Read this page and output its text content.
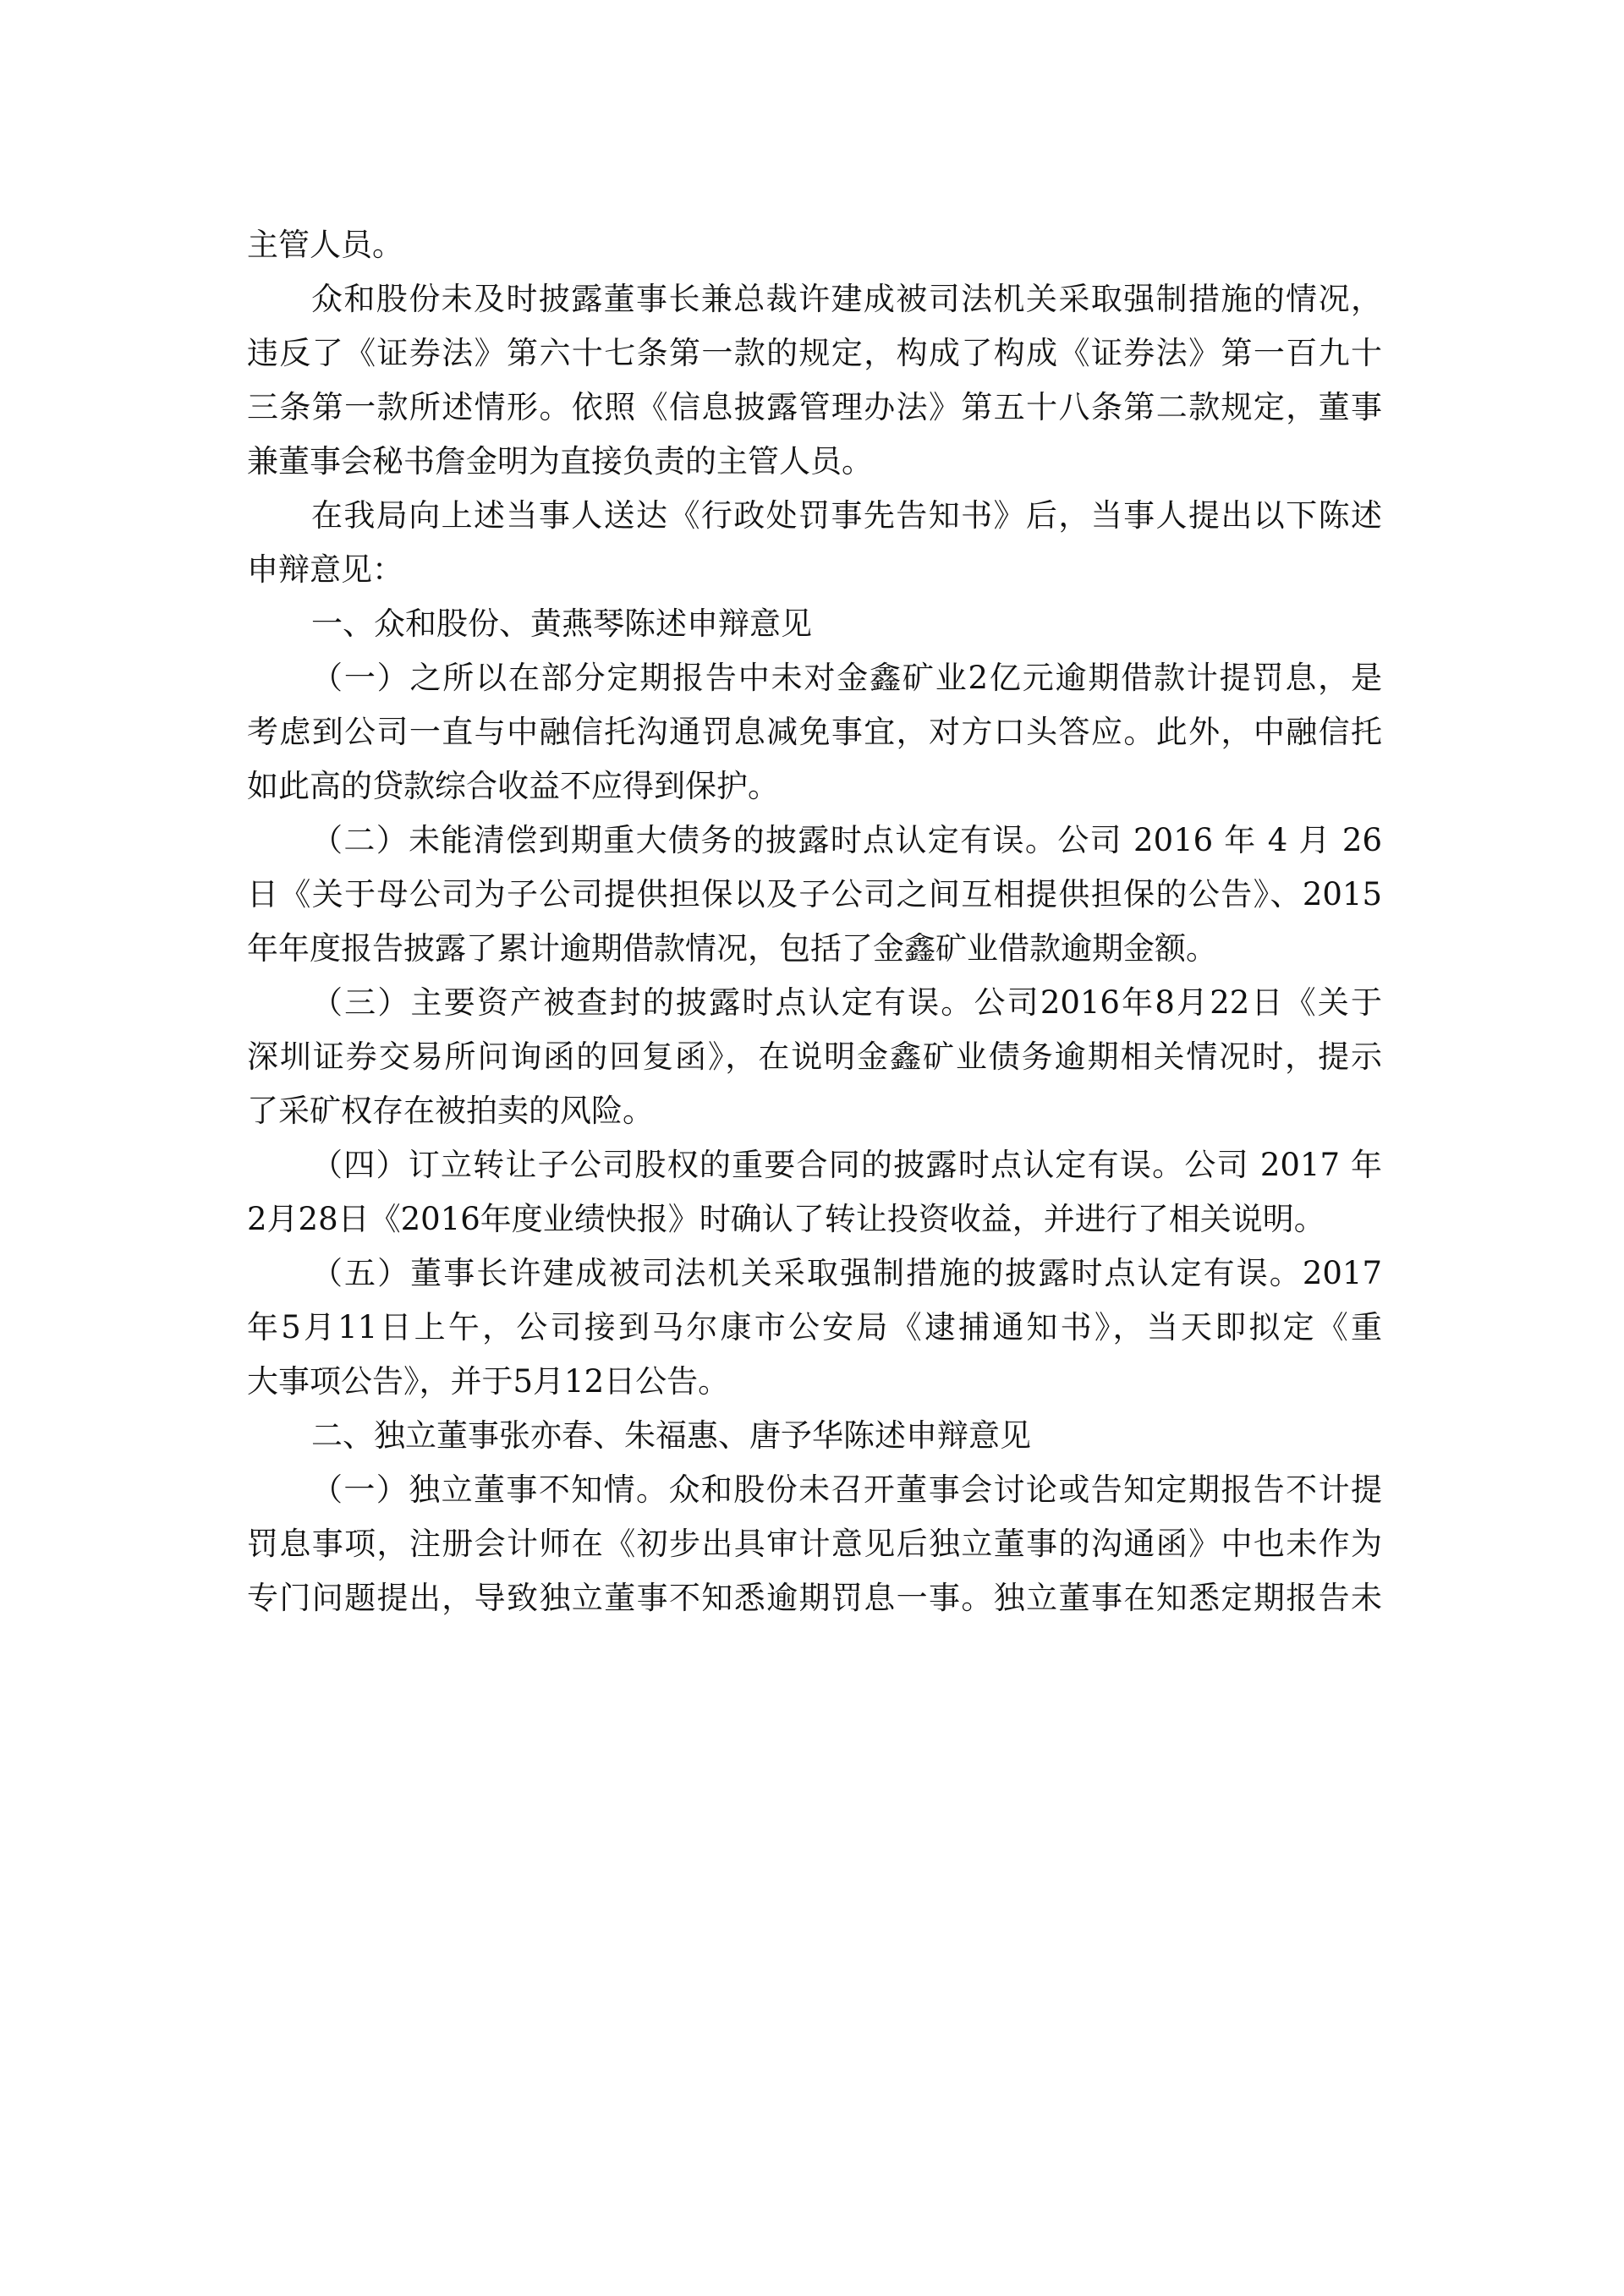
主管人员。

众和股份未及时披露董事长兼总裁许建成被司法机关采取强制措施的情况，
违反了《证券法》第六十七条第一款的规定，构成了构成《证券法》第一百九十
三条第一款所述情形。依照《信息披露管理办法》第五十八条第二款规定，董事
兼董事会秘书詹金明为直接负责的主管人员。

在我局向上述当事人送达《行政处罚事先告知书》后，当事人提出以下陈述
申辩意见：

一、众和股份、黄燕琴陈述申辩意见

（一）之所以在部分定期报告中未对金鑫矿业2亿元逾期借款计提罚息，是
考虑到公司一直与中融信托沟通罚息减免事宜，对方口头答应。此外，中融信托
如此高的贷款综合收益不应得到保护。

（二）未能清偿到期重大债务的披露时点认定有误。公司 2016 年 4 月 26
日《关于母公司为子公司提供担保以及子公司之间互相提供担保的公告》、2015
年年度报告披露了累计逾期借款情况，包括了金鑫矿业借款逾期金额。

（三）主要资产被查封的披露时点认定有误。公司2016年8月22日《关于
深圳证券交易所问询函的回复函》，在说明金鑫矿业债务逾期相关情况时，提示
了采矿权存在被拍卖的风险。

（四）订立转让子公司股权的重要合同的披露时点认定有误。公司 2017 年
2月28日《2016年度业绩快报》时确认了转让投资收益，并进行了相关说明。

（五）董事长许建成被司法机关采取强制措施的披露时点认定有误。2017
年5月11日上午，公司接到马尔康市公安局《逮捕通知书》，当天即拟定《重
大事项公告》，并于5月12日公告。

二、独立董事张亦春、朱福惠、唐予华陈述申辩意见

（一）独立董事不知情。众和股份未召开董事会讨论或告知定期报告不计提
罚息事项，注册会计师在《初步出具审计意见后独立董事的沟通函》中也未作为
专门问题提出，导致独立董事不知悉逾期罚息一事。独立董事在知悉定期报告未
